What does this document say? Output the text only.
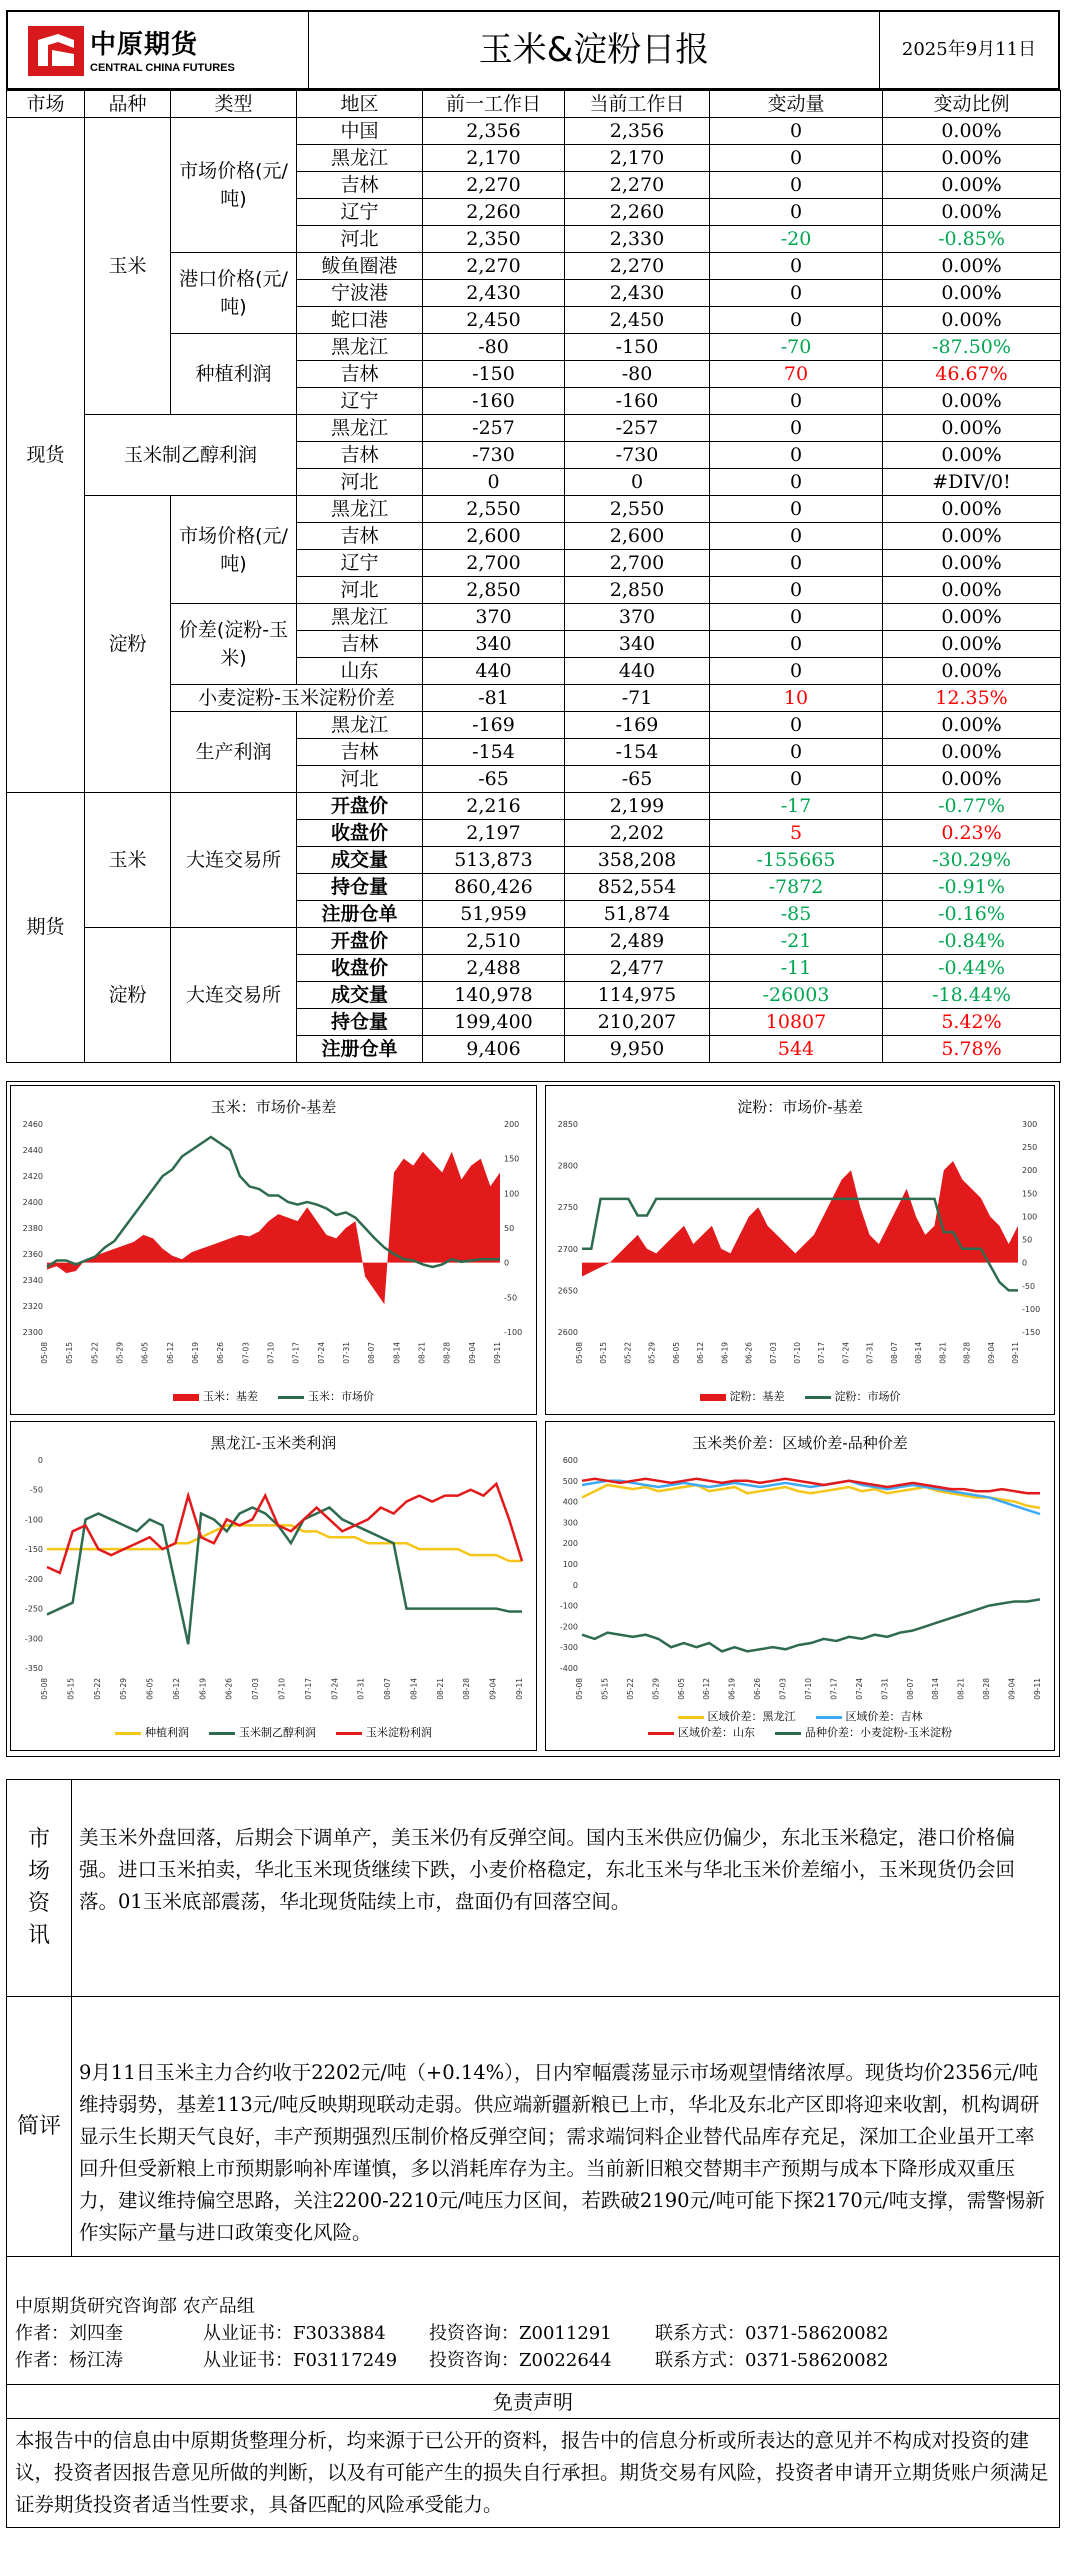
中原期货
CENTRAL CHINA FUTURES	玉米&淀粉日报	2025年9月11日
市场	品种	类型	地区	前一工作日	当前工作日	变动量	变动比例
现货	玉米	市场价格(元/吨)	中国	2,356	2,356	0	0.00%
			黑龙江	2,170	2,170	0	0.00%
			吉林	2,270	2,270	0	0.00%
			辽宁	2,260	2,260	0	0.00%
			河北	2,350	2,330	-20	-0.85%
		港口价格(元/吨)	鲅鱼圈港	2,270	2,270	0	0.00%
			宁波港	2,430	2,430	0	0.00%
			蛇口港	2,450	2,450	0	0.00%
		种植利润	黑龙江	-80	-150	-70	-87.50%
			吉林	-150	-80	70	46.67%
			辽宁	-160	-160	0	0.00%
	玉米制乙醇利润		黑龙江	-257	-257	0	0.00%
			吉林	-730	-730	0	0.00%
			河北	0	0	0	#DIV/0!
	淀粉	市场价格(元/吨)	黑龙江	2,550	2,550	0	0.00%
			吉林	2,600	2,600	0	0.00%
			辽宁	2,700	2,700	0	0.00%
			河北	2,850	2,850	0	0.00%
		价差(淀粉-玉米)	黑龙江	370	370	0	0.00%
			吉林	340	340	0	0.00%
			山东	440	440	0	0.00%
		小麦淀粉-玉米淀粉价差		-81	-71	10	12.35%
		生产利润	黑龙江	-169	-169	0	0.00%
			吉林	-154	-154	0	0.00%
			河北	-65	-65	0	0.00%
期货	玉米	大连交易所	开盘价	2,216	2,199	-17	-0.77%
			收盘价	2,197	2,202	5	0.23%
			成交量	513,873	358,208	-155665	-30.29%
			持仓量	860,426	852,554	-7872	-0.91%
			注册仓单	51,959	51,874	-85	-0.16%
	淀粉	大连交易所	开盘价	2,510	2,489	-21	-0.84%
			收盘价	2,488	2,477	-11	-0.44%
			成交量	140,978	114,975	-26003	-18.44%
			持仓量	199,400	210,207	10807	5.42%
			注册仓单	9,406	9,950	544	5.78%
玉米：市场价-基差
2300
2320
2340
2360
2380
2400
2420
2440
2460
-100
-50
0
50
100
150
200
05-08 05-15 05-22 05-29 06-05 06-12 06-19 06-26 07-03 07-10 07-17 07-24 07-31 08-07 08-14 08-21 08-28 09-04 09-11
玉米：基差	玉米：市场价
淀粉：市场价-基差
2600
2650
2700
2750
2800
2850
-150
-100
-50
0
50
100
150
200
250
300
05-08 05-15 05-22 05-29 06-05 06-12 06-19 06-26 07-03 07-10 07-17 07-24 07-31 08-07 08-14 08-21 08-28 09-04 09-11
淀粉：基差	淀粉：市场价
黑龙江-玉米类利润
0
-50
-100
-150
-200
-250
-300
-350
05-08 05-15 05-22 05-29 06-05 06-12 06-19 06-26 07-03 07-10 07-17 07-24 07-31 08-07 08-14 08-21 08-28 09-04 09-11
种植利润	玉米制乙醇利润	玉米淀粉利润
玉米类价差：区域价差-品种价差
600
500
400
300
200
100
0
-100
-200
-300
-400
05-08 05-15 05-22 05-29 06-05 06-12 06-19 06-26 07-03 07-10 07-17 07-24 07-31 08-07 08-14 08-21 08-28 09-04 09-11
区域价差：黑龙江	区域价差：吉林
区域价差：山东	品种价差：小麦淀粉-玉米淀粉
市场资讯
美玉米外盘回落，后期会下调单产，美玉米仍有反弹空间。国内玉米供应仍偏少，东北玉米稳定，港口价格偏强。进口玉米拍卖，华北玉米现货继续下跌，小麦价格稳定，东北玉米与华北玉米价差缩小，玉米现货仍会回落。01玉米底部震荡，华北现货陆续上市，盘面仍有回落空间。
简评
9月11日玉米主力合约收于2202元/吨（+0.14%），日内窄幅震荡显示市场观望情绪浓厚。现货均价2356元/吨维持弱势，基差113元/吨反映期现联动走弱。供应端新疆新粮已上市，华北及东北产区即将迎来收割，机构调研显示生长期天气良好，丰产预期强烈压制价格反弹空间；需求端饲料企业替代品库存充足，深加工企业虽开工率回升但受新粮上市预期影响补库谨慎，多以消耗库存为主。当前新旧粮交替期丰产预期与成本下降形成双重压力，建议维持偏空思路，关注2200-2210元/吨压力区间，若跌破2190元/吨可能下探2170元/吨支撑，需警惕新作实际产量与进口政策变化风险。
中原期货研究咨询部 农产品组
作者：刘四奎	从业证书：F3033884	投资咨询：Z0011291	联系方式：0371-58620082
作者：杨江涛	从业证书：F03117249	投资咨询：Z0022644	联系方式：0371-58620082
免责声明
本报告中的信息由中原期货整理分析，均来源于已公开的资料，报告中的信息分析或所表达的意见并不构成对投资的建议，投资者因报告意见所做的判断，以及有可能产生的损失自行承担。期货交易有风险，投资者申请开立期货账户须满足证券期货投资者适当性要求，具备匹配的风险承受能力。
